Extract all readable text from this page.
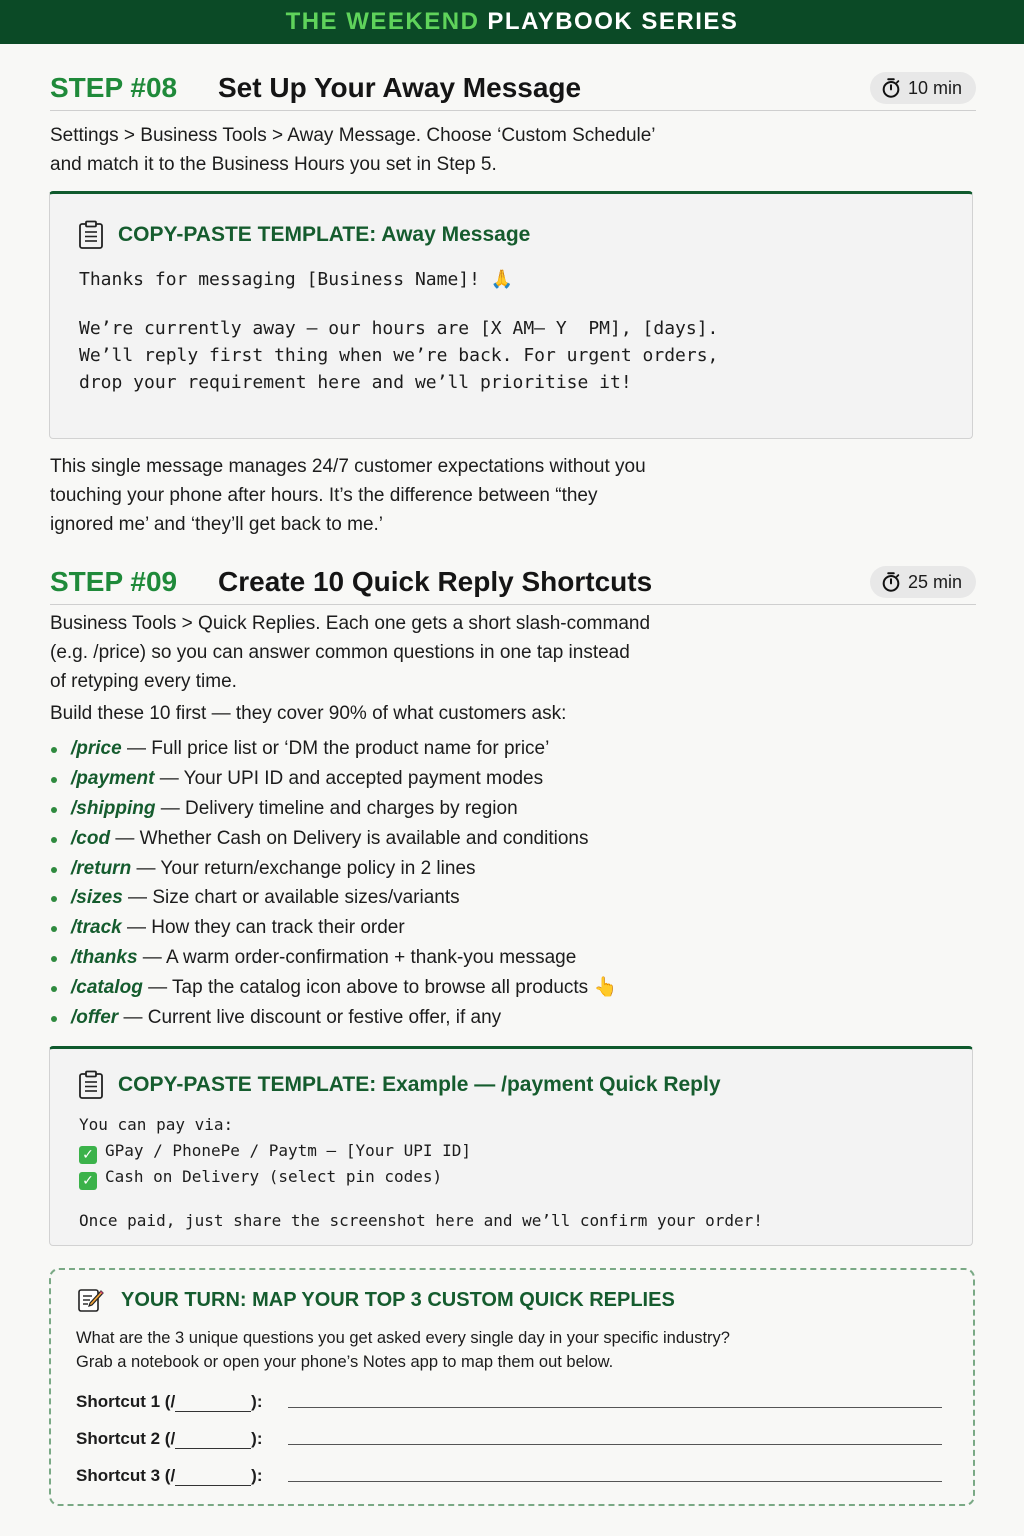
THE WEEKEND PLAYBOOK SERIES
STEP #08	Set Up Your Away Message	10 min

Settings > Business Tools > Away Message. Choose ‘Custom Schedule’
and match it to the Business Hours you set in Step 5.

COPY-PASTE TEMPLATE: Away Message
Thanks for messaging [Business Name]! 🙏
We’re currently away – our hours are [X AM– Y  PM], [days].
We’ll reply first thing when we’re back. For urgent orders,
drop your requirement here and we’ll prioritise it!

This single message manages 24/7 customer expectations without you
touching your phone after hours. It’s the difference between “they
ignored me’ and ‘they’ll get back to me.’

STEP #09	Create 10 Quick Reply Shortcuts	25 min

Business Tools > Quick Replies. Each one gets a short slash-command
(e.g. /price) so you can answer common questions in one tap instead
of retyping every time.

Build these 10 first — they cover 90% of what customers ask:

/price — Full price list or ‘DM the product name for price’
/payment — Your UPI ID and accepted payment modes
/shipping — Delivery timeline and charges by region
/cod — Whether Cash on Delivery is available and conditions
/return — Your return/exchange policy in 2 lines
/sizes — Size chart or available sizes/variants
/track — How they can track their order
/thanks — A warm order-confirmation + thank-you message
/catalog — Tap the catalog icon above to browse all products 👆
/offer — Current live discount or festive offer, if any
COPY-PASTE TEMPLATE: Example — /payment Quick Reply
You can pay via:
✓ GPay / PhonePe / Paytm – [Your UPI ID]
✓ Cash on Delivery (select pin codes)
Once paid, just share the screenshot here and we’ll confirm your order!
YOUR TURN: MAP YOUR TOP 3 CUSTOM QUICK REPLIES

What are the 3 unique questions you get asked every single day in your specific industry?
Grab a notebook or open your phone’s Notes app to map them out below.

Shortcut 1 (/	):
Shortcut 2 (/	):
Shortcut 3 (/	):
